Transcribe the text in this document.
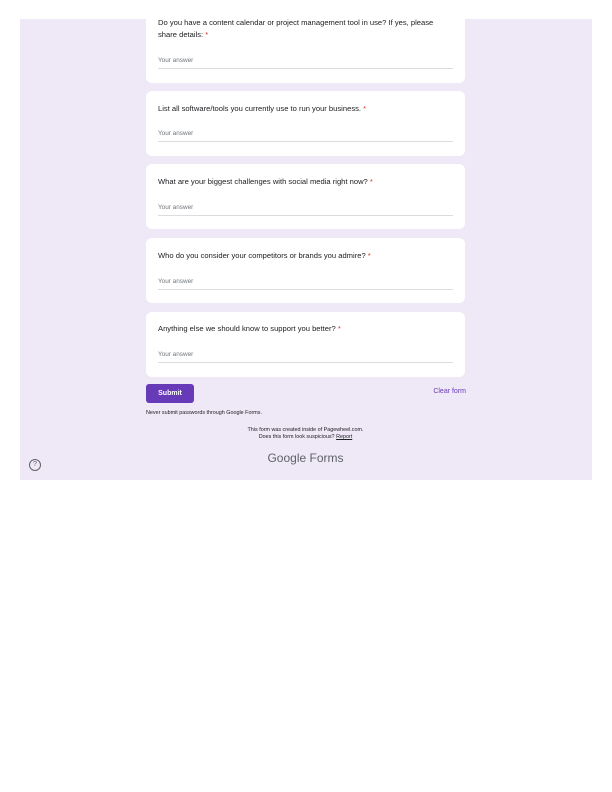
Do you have a content calendar or project management tool in use? If yes, please share details: *
Your answer
List all software/tools you currently use to run your business. *
Your answer
What are your biggest challenges with social media right now? *
Your answer
Who do you consider your competitors or brands you admire? *
Your answer
Anything else we should know to support you better? *
Your answer
Submit	Clear form
Never submit passwords through Google Forms.
This form was created inside of Pagewheel.com.
Does this form look suspicious? Report
Google Forms
?
